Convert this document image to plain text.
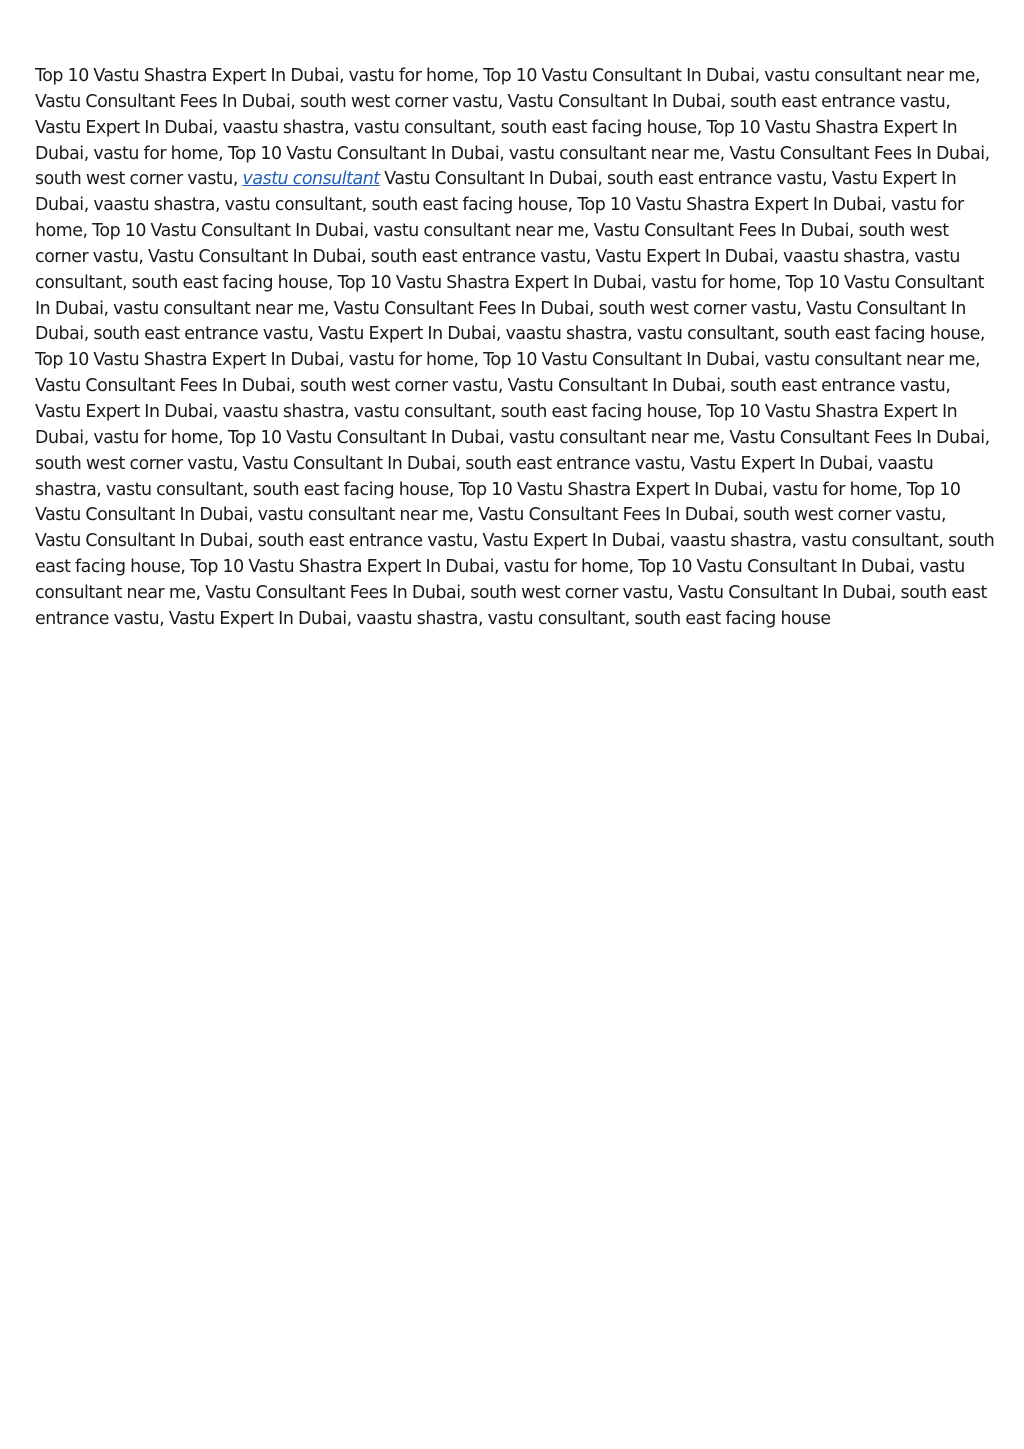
Top 10 Vastu Shastra Expert In Dubai, vastu for home, Top 10 Vastu Consultant In Dubai, vastu consultant near me, Vastu Consultant Fees In Dubai, south west corner vastu, Vastu Consultant In Dubai, south east entrance vastu, Vastu Expert In Dubai, vaastu shastra, vastu consultant, south east facing house, Top 10 Vastu Shastra Expert In Dubai, vastu for home, Top 10 Vastu Consultant In Dubai, vastu consultant near me, Vastu Consultant Fees In Dubai, south west corner vastu, vastu consultant Vastu Consultant In Dubai, south east entrance vastu, Vastu Expert In Dubai, vaastu shastra, vastu consultant, south east facing house, Top 10 Vastu Shastra Expert In Dubai, vastu for home, Top 10 Vastu Consultant In Dubai, vastu consultant near me, Vastu Consultant Fees In Dubai, south west corner vastu, Vastu Consultant In Dubai, south east entrance vastu, Vastu Expert In Dubai, vaastu shastra, vastu consultant, south east facing house, Top 10 Vastu Shastra Expert In Dubai, vastu for home, Top 10 Vastu Consultant In Dubai, vastu consultant near me, Vastu Consultant Fees In Dubai, south west corner vastu, Vastu Consultant In Dubai, south east entrance vastu, Vastu Expert In Dubai, vaastu shastra, vastu consultant, south east facing house, Top 10 Vastu Shastra Expert In Dubai, vastu for home, Top 10 Vastu Consultant In Dubai, vastu consultant near me, Vastu Consultant Fees In Dubai, south west corner vastu, Vastu Consultant In Dubai, south east entrance vastu, Vastu Expert In Dubai, vaastu shastra, vastu consultant, south east facing house, Top 10 Vastu Shastra Expert In Dubai, vastu for home, Top 10 Vastu Consultant In Dubai, vastu consultant near me, Vastu Consultant Fees In Dubai, south west corner vastu, Vastu Consultant In Dubai, south east entrance vastu, Vastu Expert In Dubai, vaastu shastra, vastu consultant, south east facing house, Top 10 Vastu Shastra Expert In Dubai, vastu for home, Top 10 Vastu Consultant In Dubai, vastu consultant near me, Vastu Consultant Fees In Dubai, south west corner vastu, Vastu Consultant In Dubai, south east entrance vastu, Vastu Expert In Dubai, vaastu shastra, vastu consultant, south east facing house, Top 10 Vastu Shastra Expert In Dubai, vastu for home, Top 10 Vastu Consultant In Dubai, vastu consultant near me, Vastu Consultant Fees In Dubai, south west corner vastu, Vastu Consultant In Dubai, south east entrance vastu, Vastu Expert In Dubai, vaastu shastra, vastu consultant, south east facing house
